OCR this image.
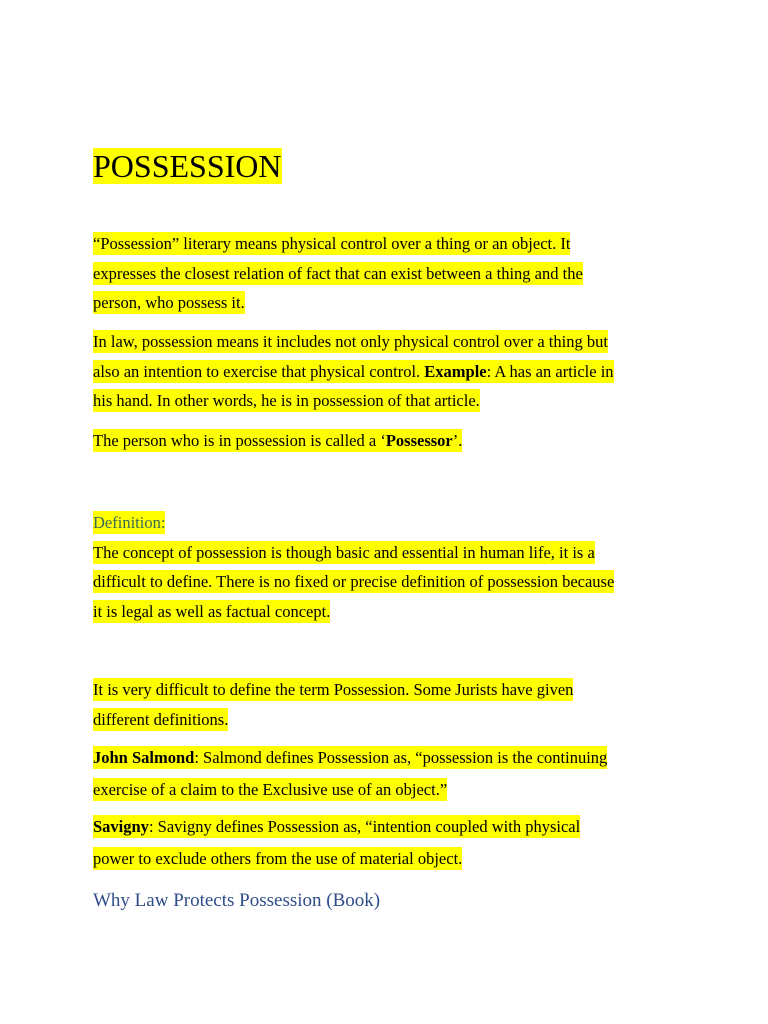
POSSESSION
“Possession” literary means physical control over a thing or an object. It
expresses the closest relation of fact that can exist between a thing and the
person, who possess it.
In law, possession means it includes not only physical control over a thing but
also an intention to exercise that physical control. Example: A has an article in
his hand. In other words, he is in possession of that article.
The person who is in possession is called a ‘Possessor’.
Definition:
The concept of possession is though basic and essential in human life, it is a
difficult to define. There is no fixed or precise definition of possession because
it is legal as well as factual concept.
It is very difficult to define the term Possession. Some Jurists have given
different definitions.
John Salmond: Salmond defines Possession as, “possession is the continuing
exercise of a claim to the Exclusive use of an object.”
Savigny: Savigny defines Possession as, “intention coupled with physical
power to exclude others from the use of material object.
Why Law Protects Possession (Book)
